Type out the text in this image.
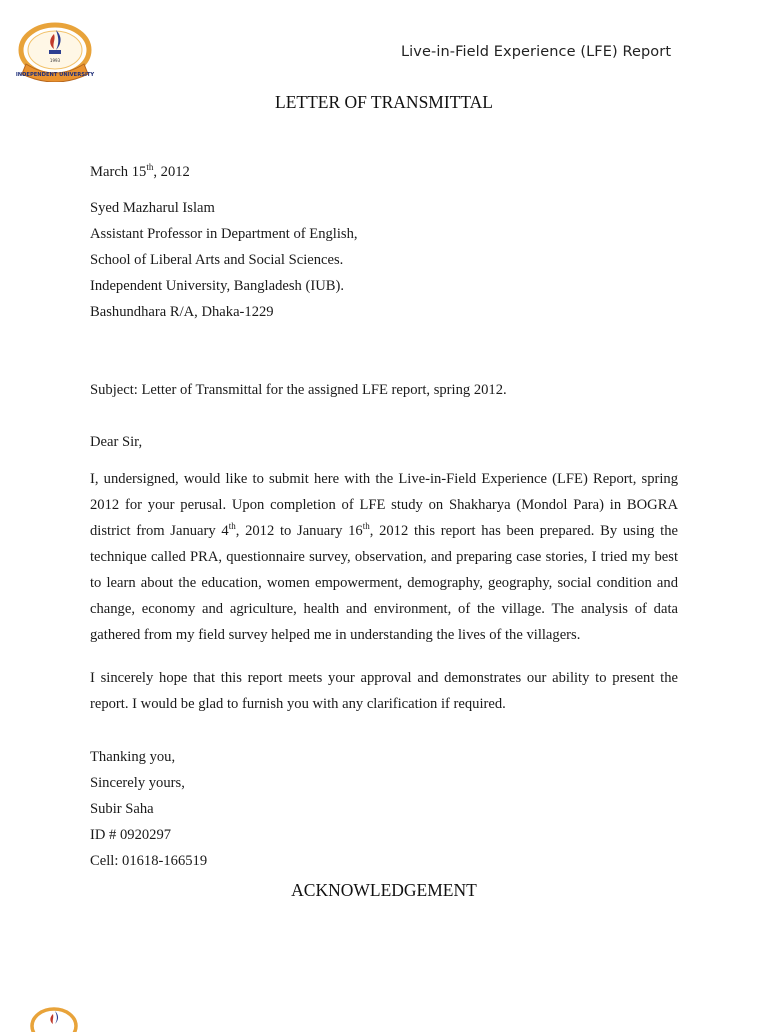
1993
INDEPENDENT UNIVERSITY
Live-in-Field Experience (LFE) Report
LETTER OF TRANSMITTAL
March 15th, 2012
Syed Mazharul Islam
Assistant Professor in Department of English,
School of Liberal Arts and Social Sciences.
Independent University, Bangladesh (IUB).
Bashundhara R/A, Dhaka-1229
Subject: Letter of Transmittal for the assigned LFE report, spring 2012.
Dear Sir,
I, undersigned, would like to submit here with the Live-in-Field Experience (LFE) Report, spring 2012 for your perusal. Upon completion of LFE study on Shakharya (Mondol Para) in BOGRA district from January 4th, 2012 to January 16th, 2012 this report has been prepared. By using the technique called PRA, questionnaire survey, observation, and preparing case stories, I tried my best to learn about the education, women empowerment, demography, geography, social condition and change, economy and agriculture, health and environment, of the village. The analysis of data gathered from my field survey helped me in understanding the lives of the villagers.
I sincerely hope that this report meets your approval and demonstrates our ability to present the report. I would be glad to furnish you with any clarification if required.
Thanking you,
Sincerely yours,
Subir Saha
ID # 0920297
Cell: 01618-166519
ACKNOWLEDGEMENT
